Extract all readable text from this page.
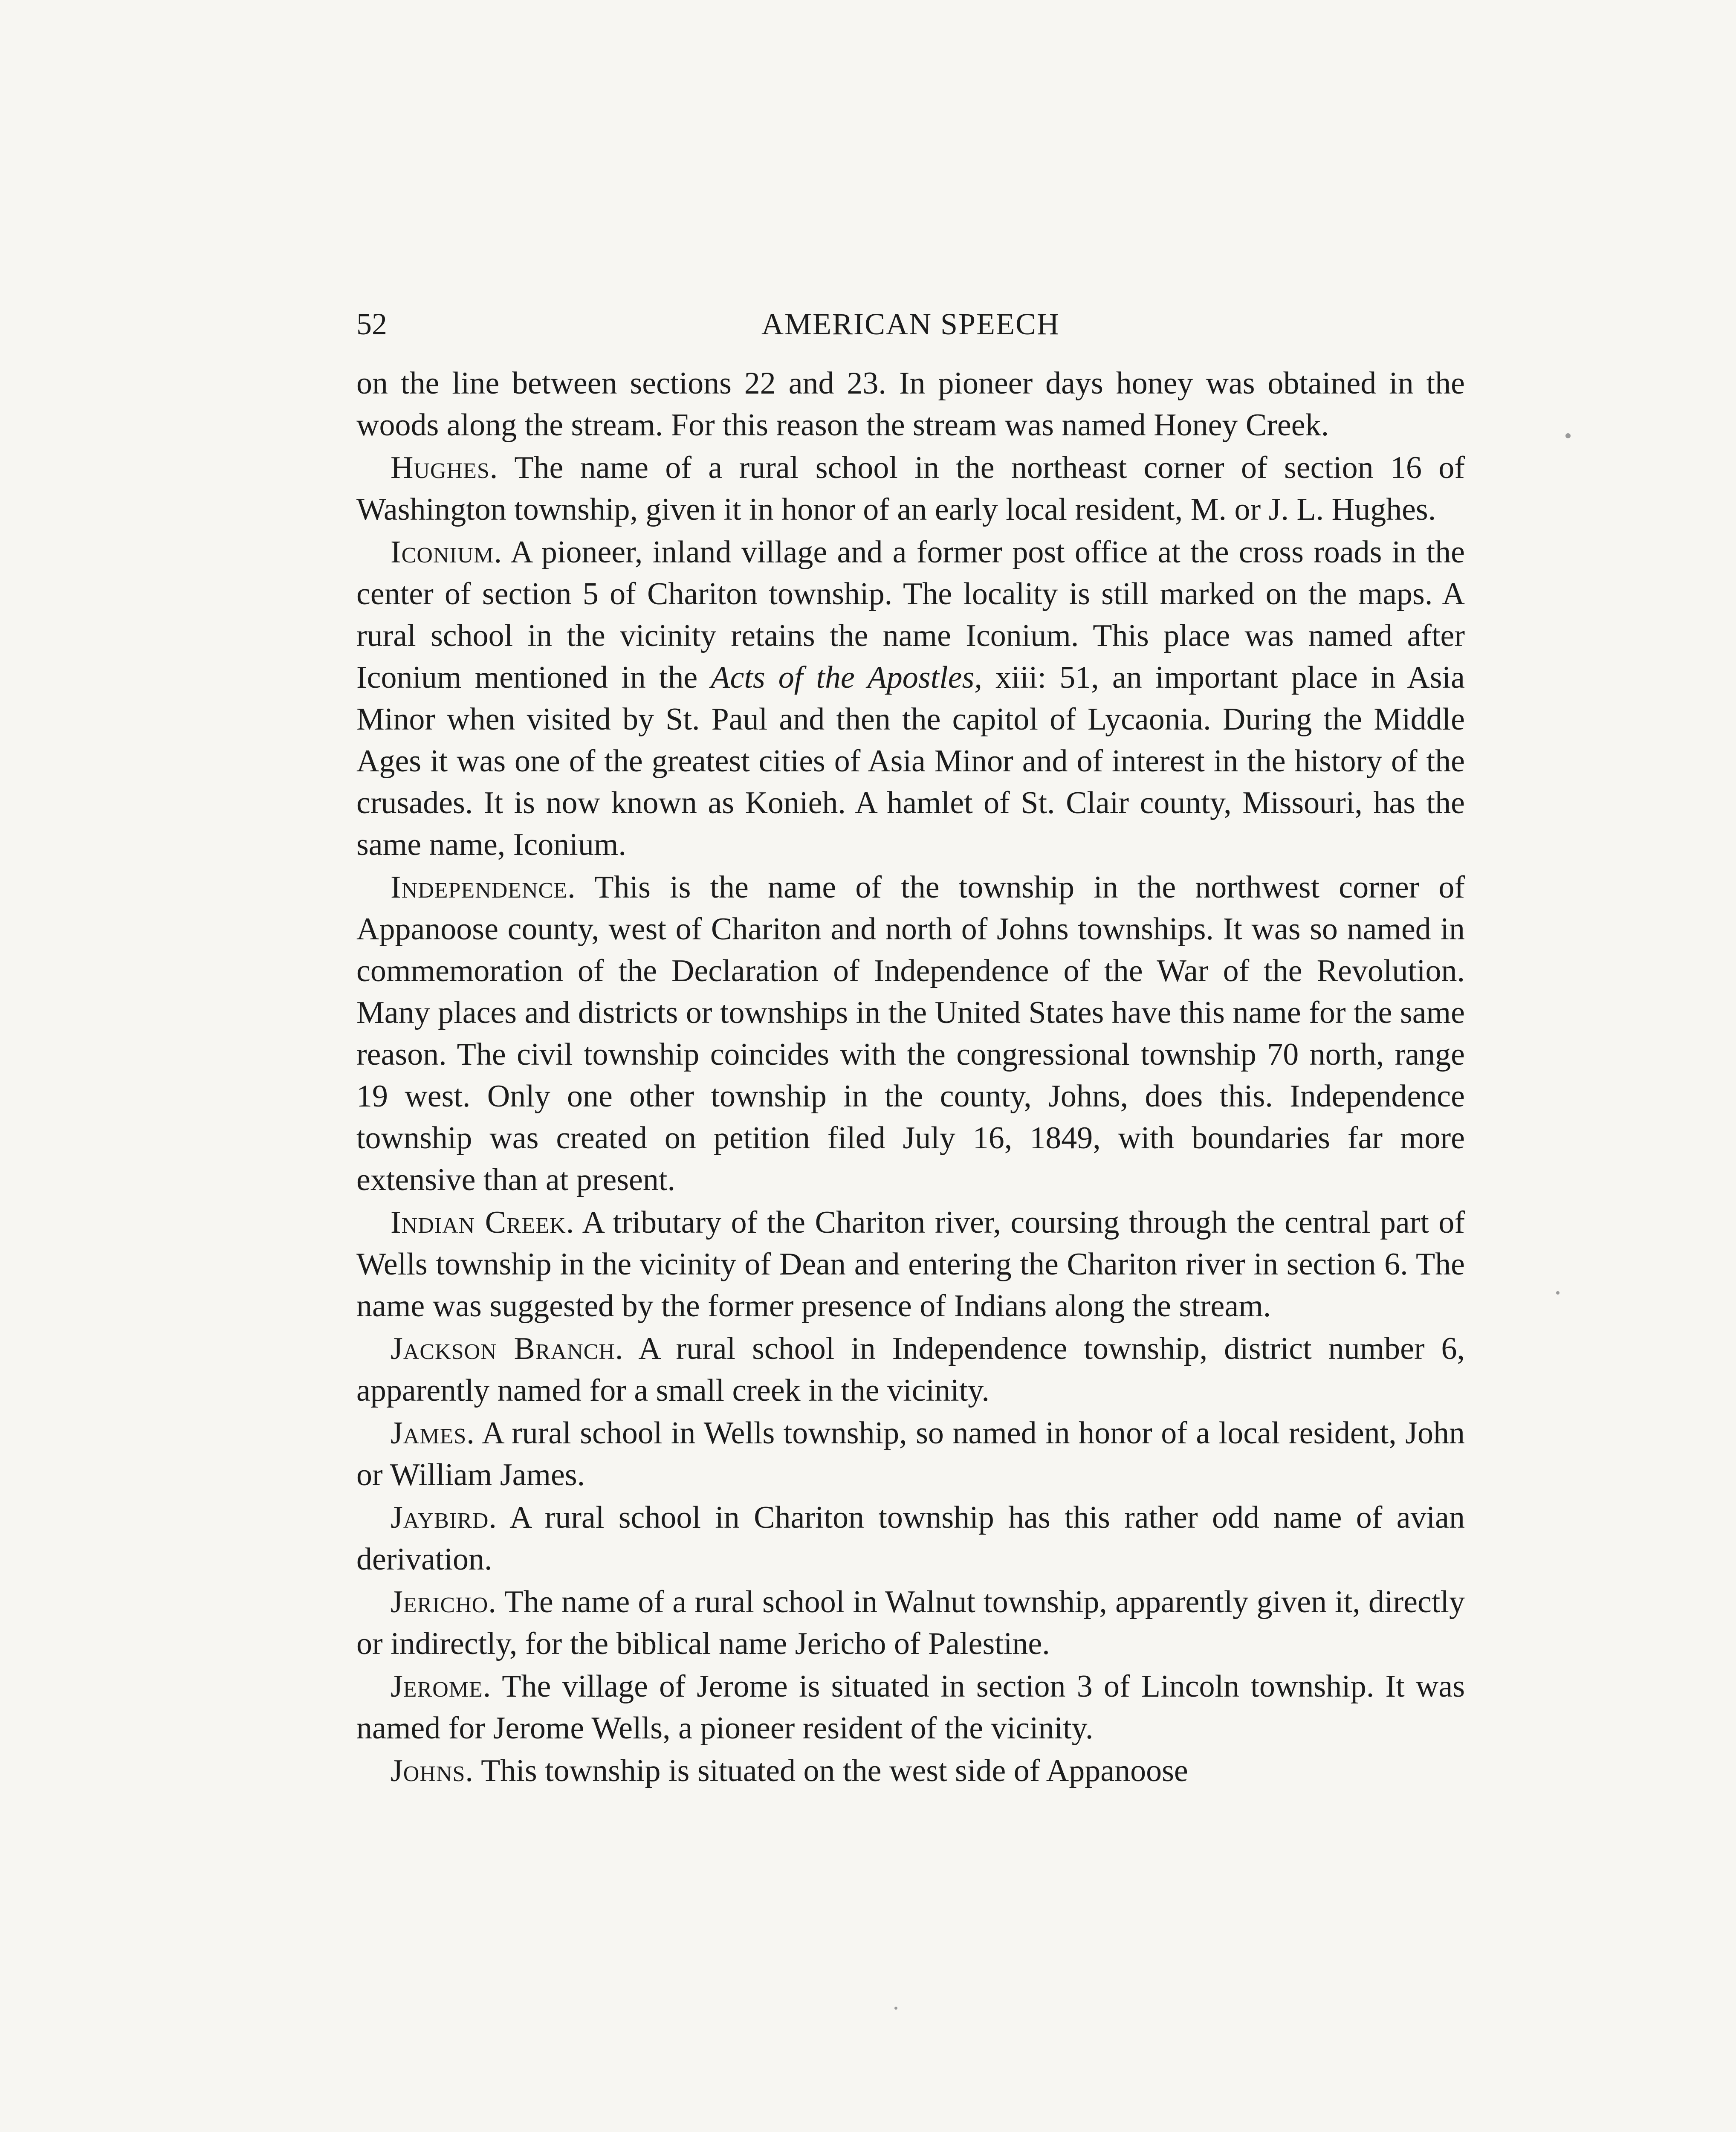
52	AMERICAN SPEECH

on the line between sections 22 and 23. In pioneer days honey was obtained in the woods along the stream. For this reason the stream was named Honey Creek.

Hughes. The name of a rural school in the northeast corner of section 16 of Washington township, given it in honor of an early local resident, M. or J. L. Hughes.

Iconium. A pioneer, inland village and a former post office at the cross roads in the center of section 5 of Chariton township. The locality is still marked on the maps. A rural school in the vicinity retains the name Iconium. This place was named after Iconium mentioned in the Acts of the Apostles, xiii: 51, an important place in Asia Minor when visited by St. Paul and then the capitol of Lycaonia. During the Middle Ages it was one of the greatest cities of Asia Minor and of interest in the history of the crusades. It is now known as Konieh. A hamlet of St. Clair county, Missouri, has the same name, Iconium.

Independence. This is the name of the township in the northwest corner of Appanoose county, west of Chariton and north of Johns townships. It was so named in commemoration of the Declaration of Independence of the War of the Revolution. Many places and districts or townships in the United States have this name for the same reason. The civil township coincides with the congressional township 70 north, range 19 west. Only one other township in the county, Johns, does this. Independence township was created on petition filed July 16, 1849, with boundaries far more extensive than at present.

Indian Creek. A tributary of the Chariton river, coursing through the central part of Wells township in the vicinity of Dean and entering the Chariton river in section 6. The name was suggested by the former presence of Indians along the stream.

Jackson Branch. A rural school in Independence township, district number 6, apparently named for a small creek in the vicinity.

James. A rural school in Wells township, so named in honor of a local resident, John or William James.

Jaybird. A rural school in Chariton township has this rather odd name of avian derivation.

Jericho. The name of a rural school in Walnut township, apparently given it, directly or indirectly, for the biblical name Jericho of Palestine.

Jerome. The village of Jerome is situated in section 3 of Lincoln township. It was named for Jerome Wells, a pioneer resident of the vicinity.

Johns. This township is situated on the west side of Appanoose
